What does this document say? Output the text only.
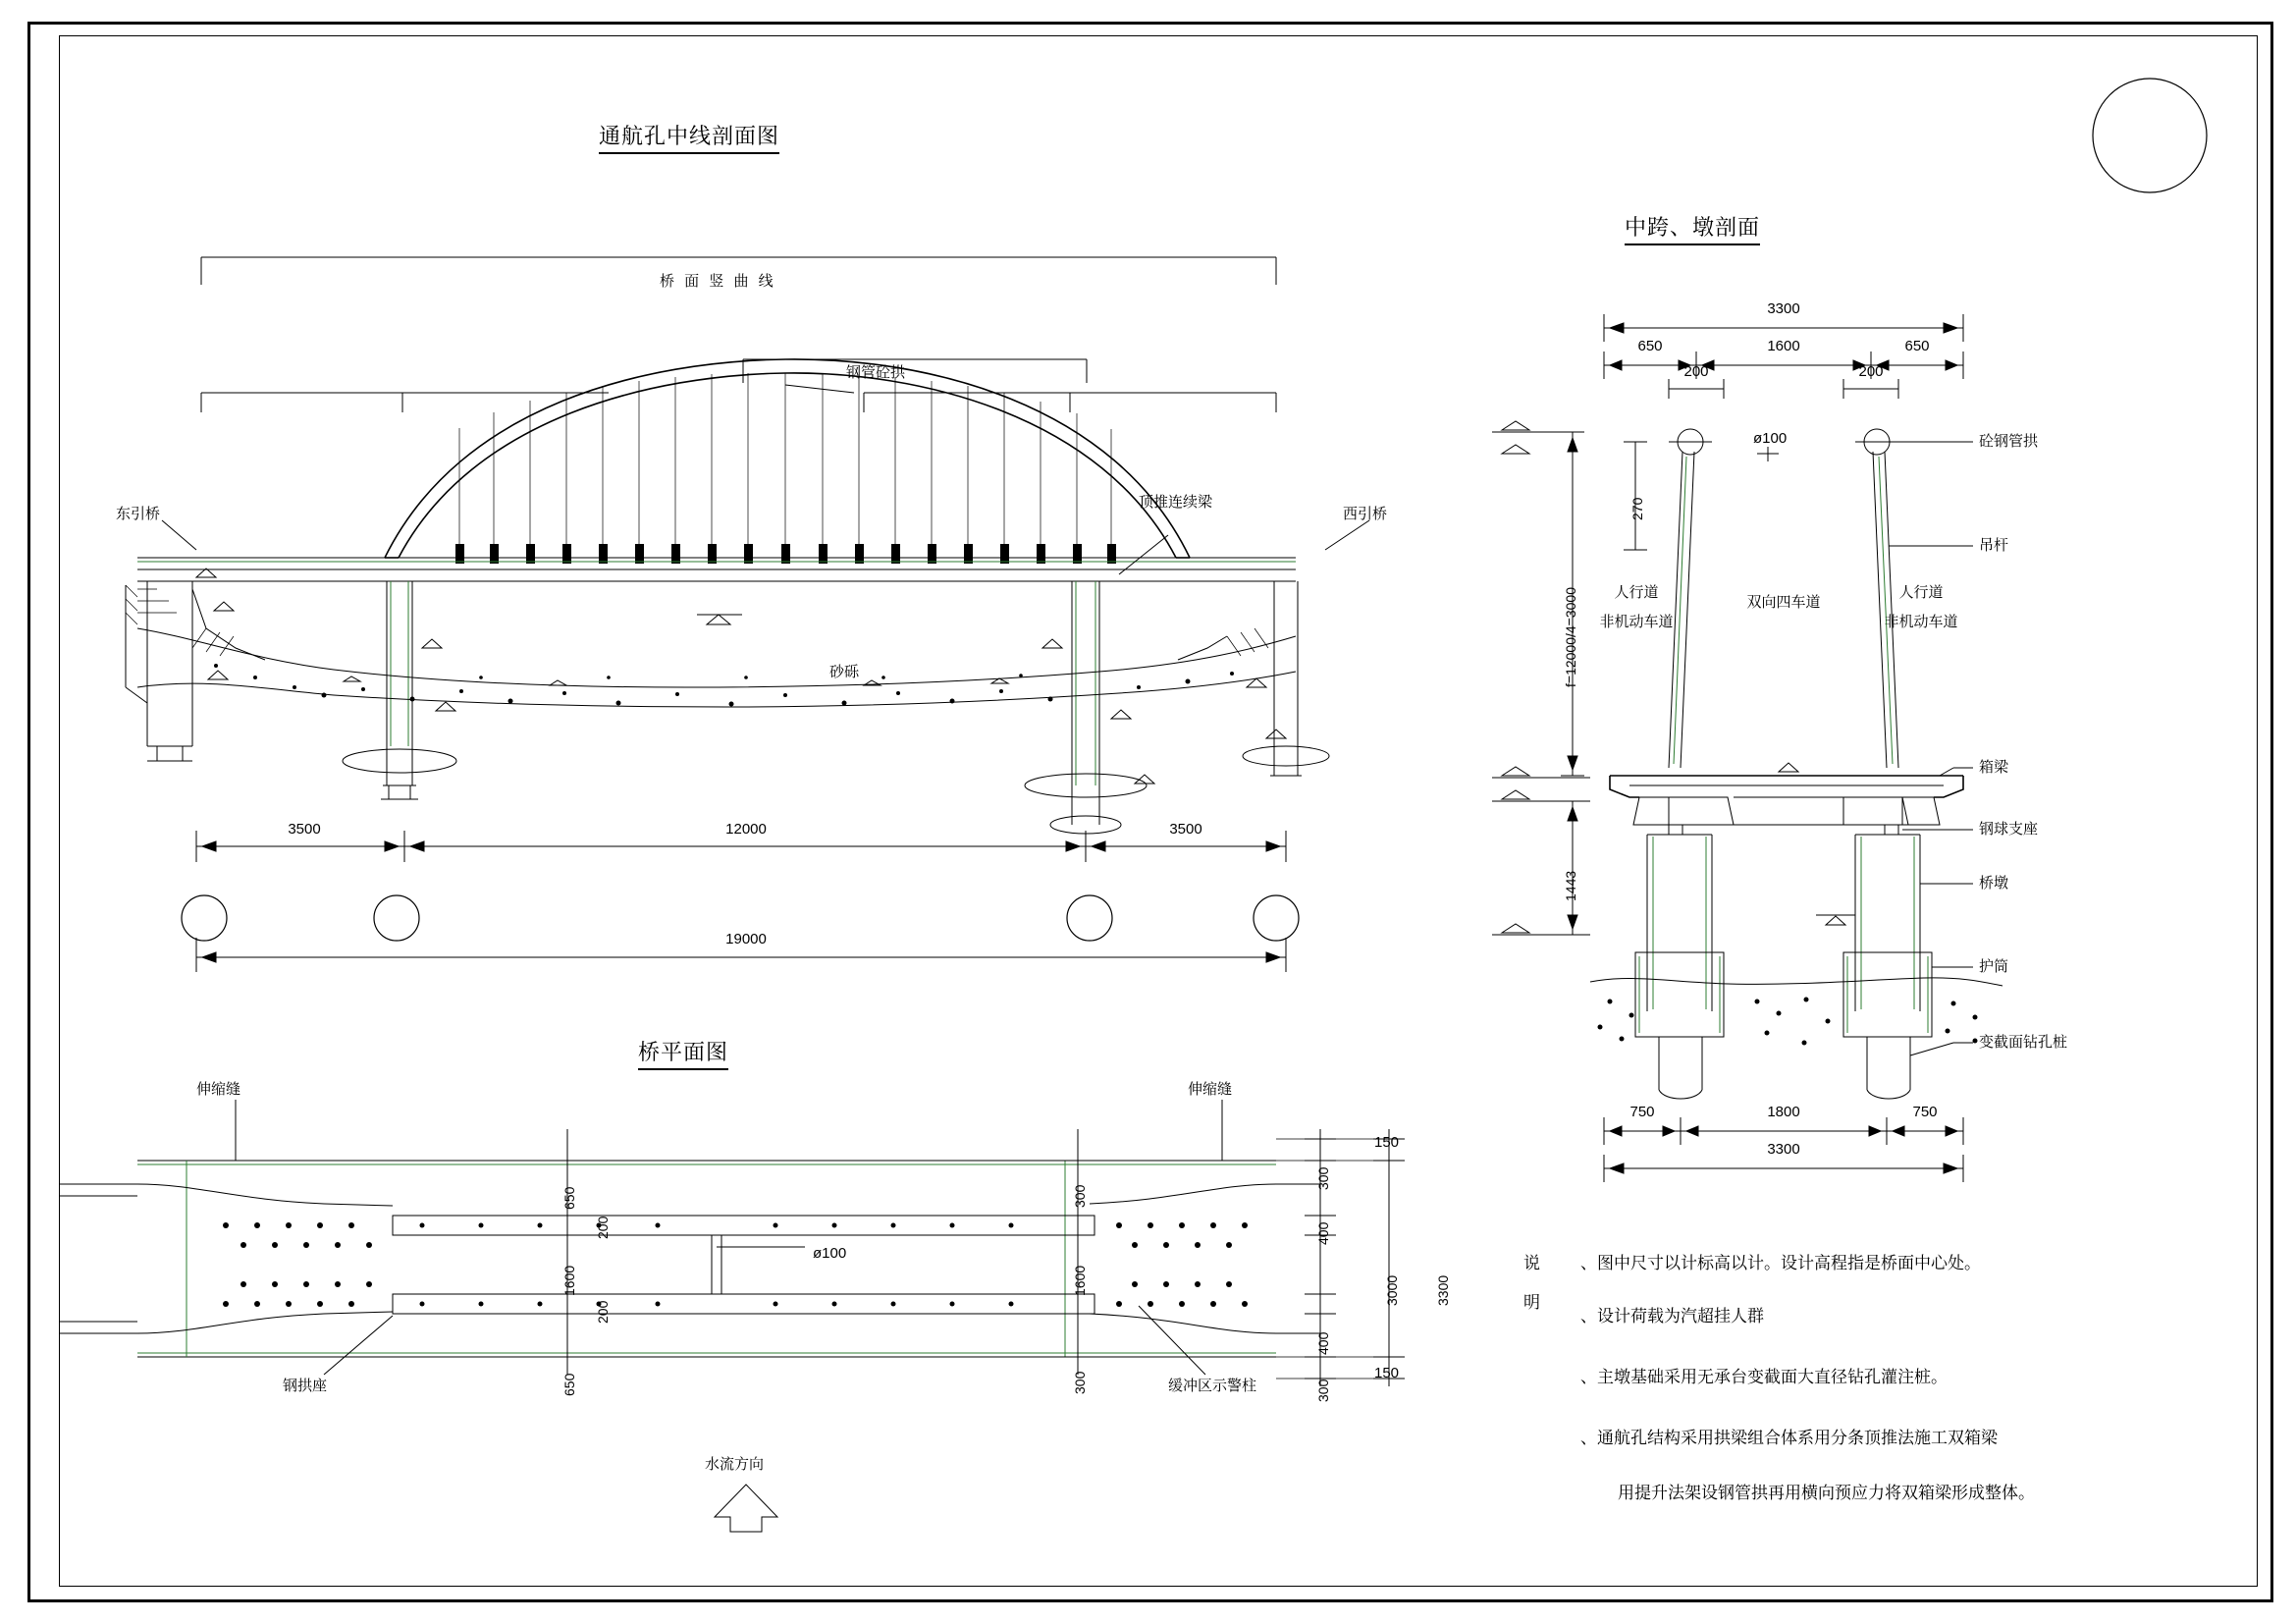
通航孔中线剖面图
中跨、墩剖面
桥平面图
桥 面 竖 曲 线
钢管砼拱
东引桥	西引桥
顶推连续梁
砂砾
3500	12000	3500
19000
伸缩缝	伸缩缝
钢拱座	缓冲区示警柱
ø100
水流方向
650
1600
650
200
200
300
1600
300
300
400
400
300
3000
150
3300
150
3300
650	1600	650
200	200
270
ø100
f=12000/4=3000
1443
750	1800	750
3300
砼钢管拱
吊杆
箱梁
钢球支座
桥墩
护筒
变截面钻孔桩
人行道
非机动车道
双向四车道
人行道
非机动车道
说
明
、图中尺寸以计标高以计。设计高程指是桥面中心处。
、设计荷载为汽超挂人群
、主墩基础采用无承台变截面大直径钻孔灌注桩。
、通航孔结构采用拱梁组合体系用分条顶推法施工双箱梁
用提升法架设钢管拱再用横向预应力将双箱梁形成整体。
